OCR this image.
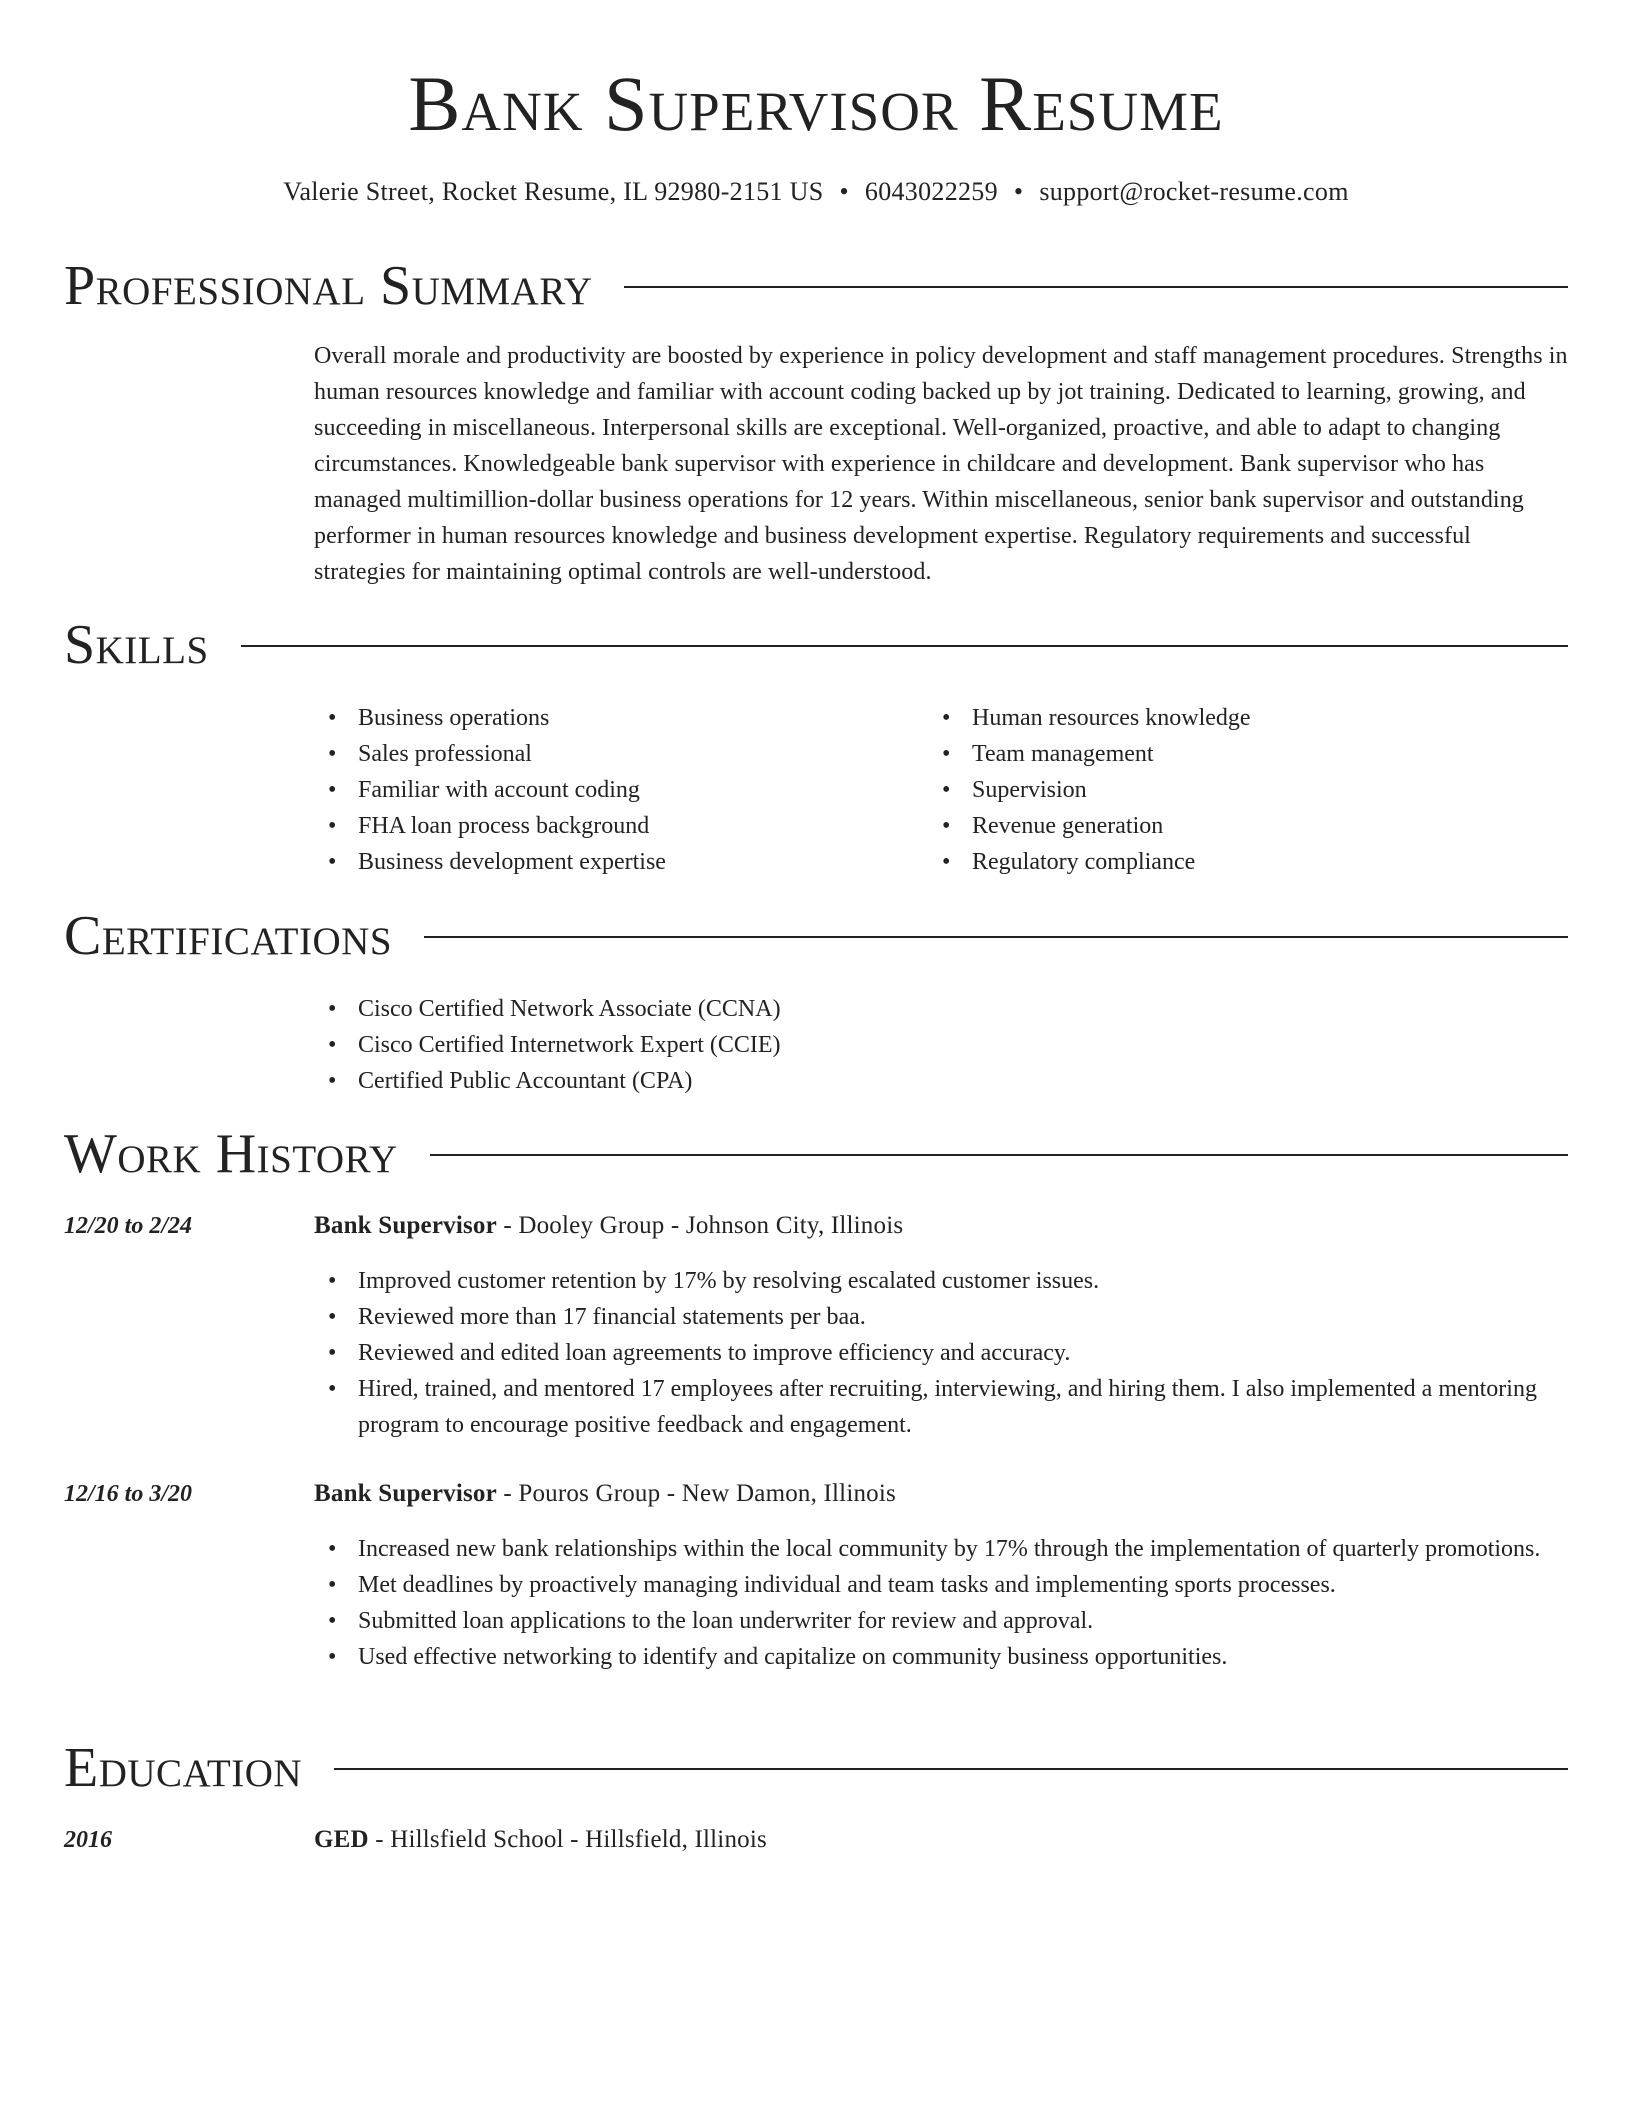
Bank Supervisor Resume
Valerie Street, Rocket Resume, IL 92980-2151 US • 6043022259 • support@rocket-resume.com
Professional Summary
Overall morale and productivity are boosted by experience in policy development and staff management procedures. Strengths in human resources knowledge and familiar with account coding backed up by jot training. Dedicated to learning, growing, and succeeding in miscellaneous. Interpersonal skills are exceptional. Well-organized, proactive, and able to adapt to changing circumstances. Knowledgeable bank supervisor with experience in childcare and development. Bank supervisor who has managed multimillion-dollar business operations for 12 years. Within miscellaneous, senior bank supervisor and outstanding performer in human resources knowledge and business development expertise. Regulatory requirements and successful strategies for maintaining optimal controls are well-understood.
Skills
• Business operations
• Sales professional
• Familiar with account coding
• FHA loan process background
• Business development expertise
• Human resources knowledge
• Team management
• Supervision
• Revenue generation
• Regulatory compliance
Certifications
• Cisco Certified Network Associate (CCNA)
• Cisco Certified Internetwork Expert (CCIE)
• Certified Public Accountant (CPA)
Work History
12/20 to 2/24	Bank Supervisor - Dooley Group - Johnson City, Illinois
• Improved customer retention by 17% by resolving escalated customer issues.
• Reviewed more than 17 financial statements per baa.
• Reviewed and edited loan agreements to improve efficiency and accuracy.
• Hired, trained, and mentored 17 employees after recruiting, interviewing, and hiring them. I also implemented a mentoring program to encourage positive feedback and engagement.
12/16 to 3/20	Bank Supervisor - Pouros Group - New Damon, Illinois
• Increased new bank relationships within the local community by 17% through the implementation of quarterly promotions.
• Met deadlines by proactively managing individual and team tasks and implementing sports processes.
• Submitted loan applications to the loan underwriter for review and approval.
• Used effective networking to identify and capitalize on community business opportunities.
Education
2016	GED - Hillsfield School - Hillsfield, Illinois
